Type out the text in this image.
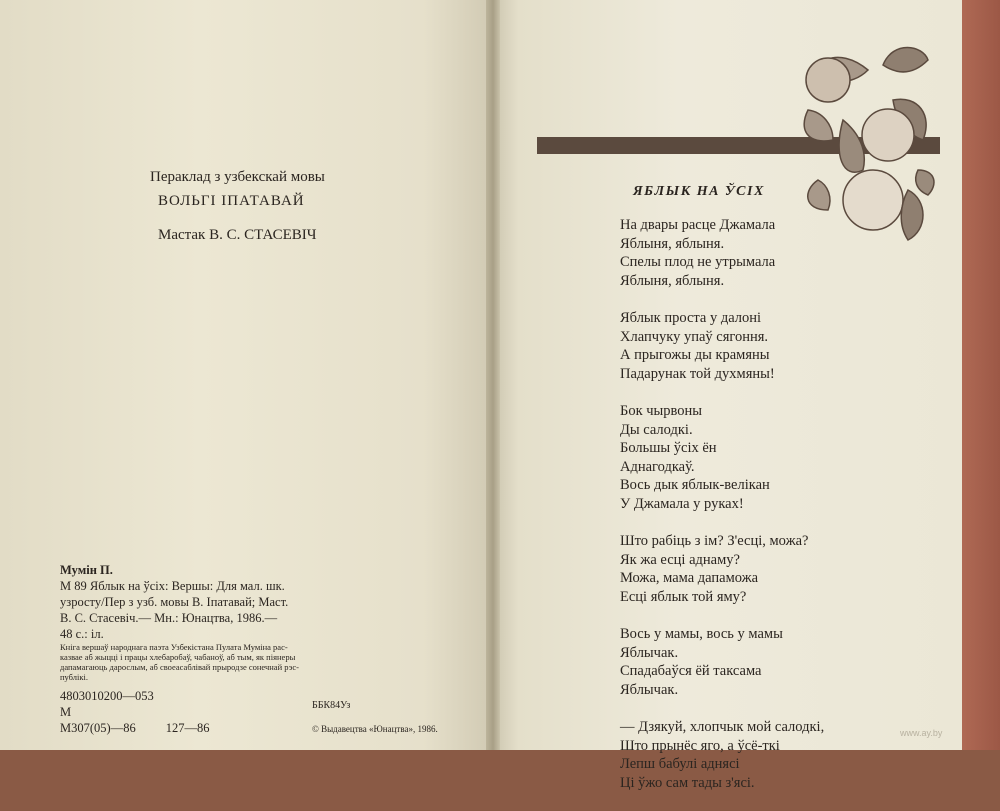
Пераклад з узбекскай мовы
ВОЛЬГІ ІПАТАВАЙ
Мастак В. С. СТАСЕВІЧ
Мумін П.
М 89 Яблык на ўсіх: Вершы: Для мал. шк.
узросту/Пер з узб. мовы В. Іпатавай; Маст.
В. С. Стасевіч.— Мн.: Юнацтва, 1986.—
48 с.: іл.
Кніга вершаў народнага паэта Узбекістана Пулата Муміна рас-
казвае аб жыцці і працы хлебаробаў, чабаноў, аб тым, як піянеры
дапамагаюць дарослым, аб своеасаблівай прыродзе сонечнай рэс-
публікі.
4803010200—053
М
М307(05)—86 127—86
ББК84Уз
© Выдавецтва «Юнацтва», 1986.
ЯБЛЫК НА ЎСІХ
На двары расце Джамала
Яблыня, яблыня.
Спелы плод не утрымала
Яблыня, яблыня.
Яблык проста у далоні
Хлапчуку упаў сягоння.
А прыгожы ды крамяны
Падарунак той духмяны!
Бок чырвоны
Ды салодкі.
Большы ўсіх ён
Аднагодкаў.
Вось дык яблык-велікан
У Джамала у руках!
Што рабіць з ім? З'есці, можа?
Як жа есці аднаму?
Можа, мама дапаможа
Есці яблык той яму?
Вось у мамы, вось у мамы
Яблычак.
Спадабаўся ёй таксама
Яблычак.
— Дзякуй, хлопчык мой салодкі,
Што прынёс яго, а ўсё-ткі
Лепш бабулі аднясі
Ці ўжо сам тады з'ясі.
www.ay.by
